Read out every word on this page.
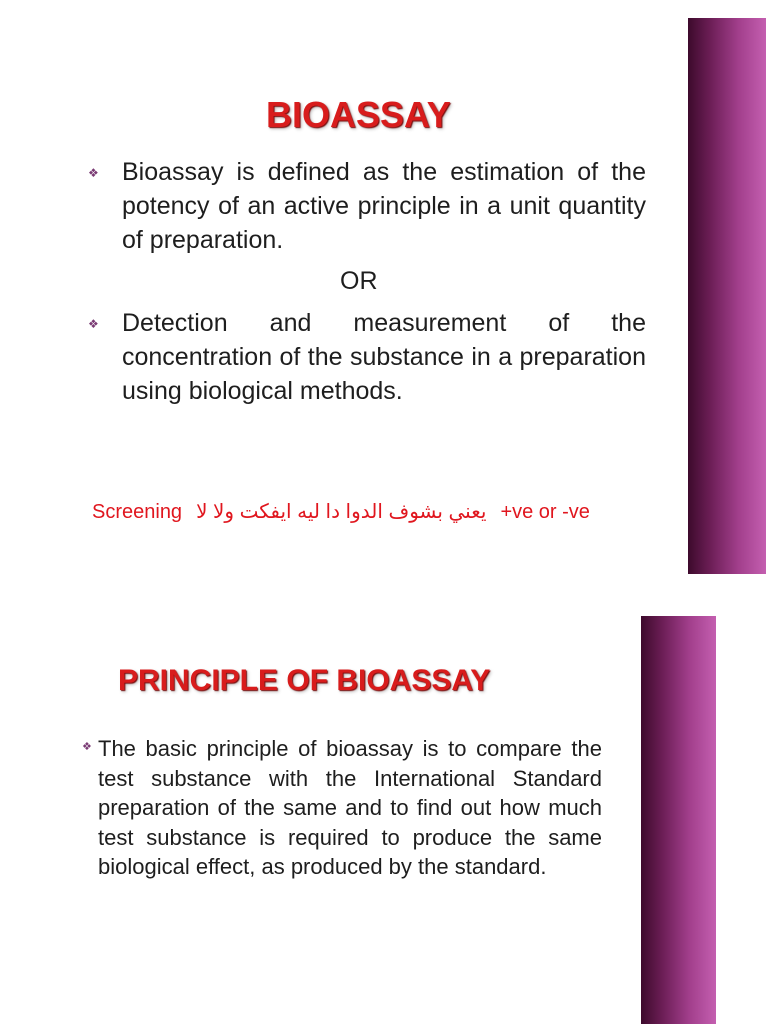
BIOASSAY
❖ Bioassay is defined as the estimation of the potency of an active principle in a unit quantity of preparation.
OR
❖ Detection and measurement of the concentration of the substance in a preparation using biological methods.
Screening يعني بشوف الدوا دا ليه ايفكت ولا لا +ve or -ve
PRINCIPLE OF BIOASSAY
❖ The basic principle of bioassay is to compare the test substance with the International Standard preparation of the same and to find out how much test substance is required to produce the same biological effect, as produced by the standard.
